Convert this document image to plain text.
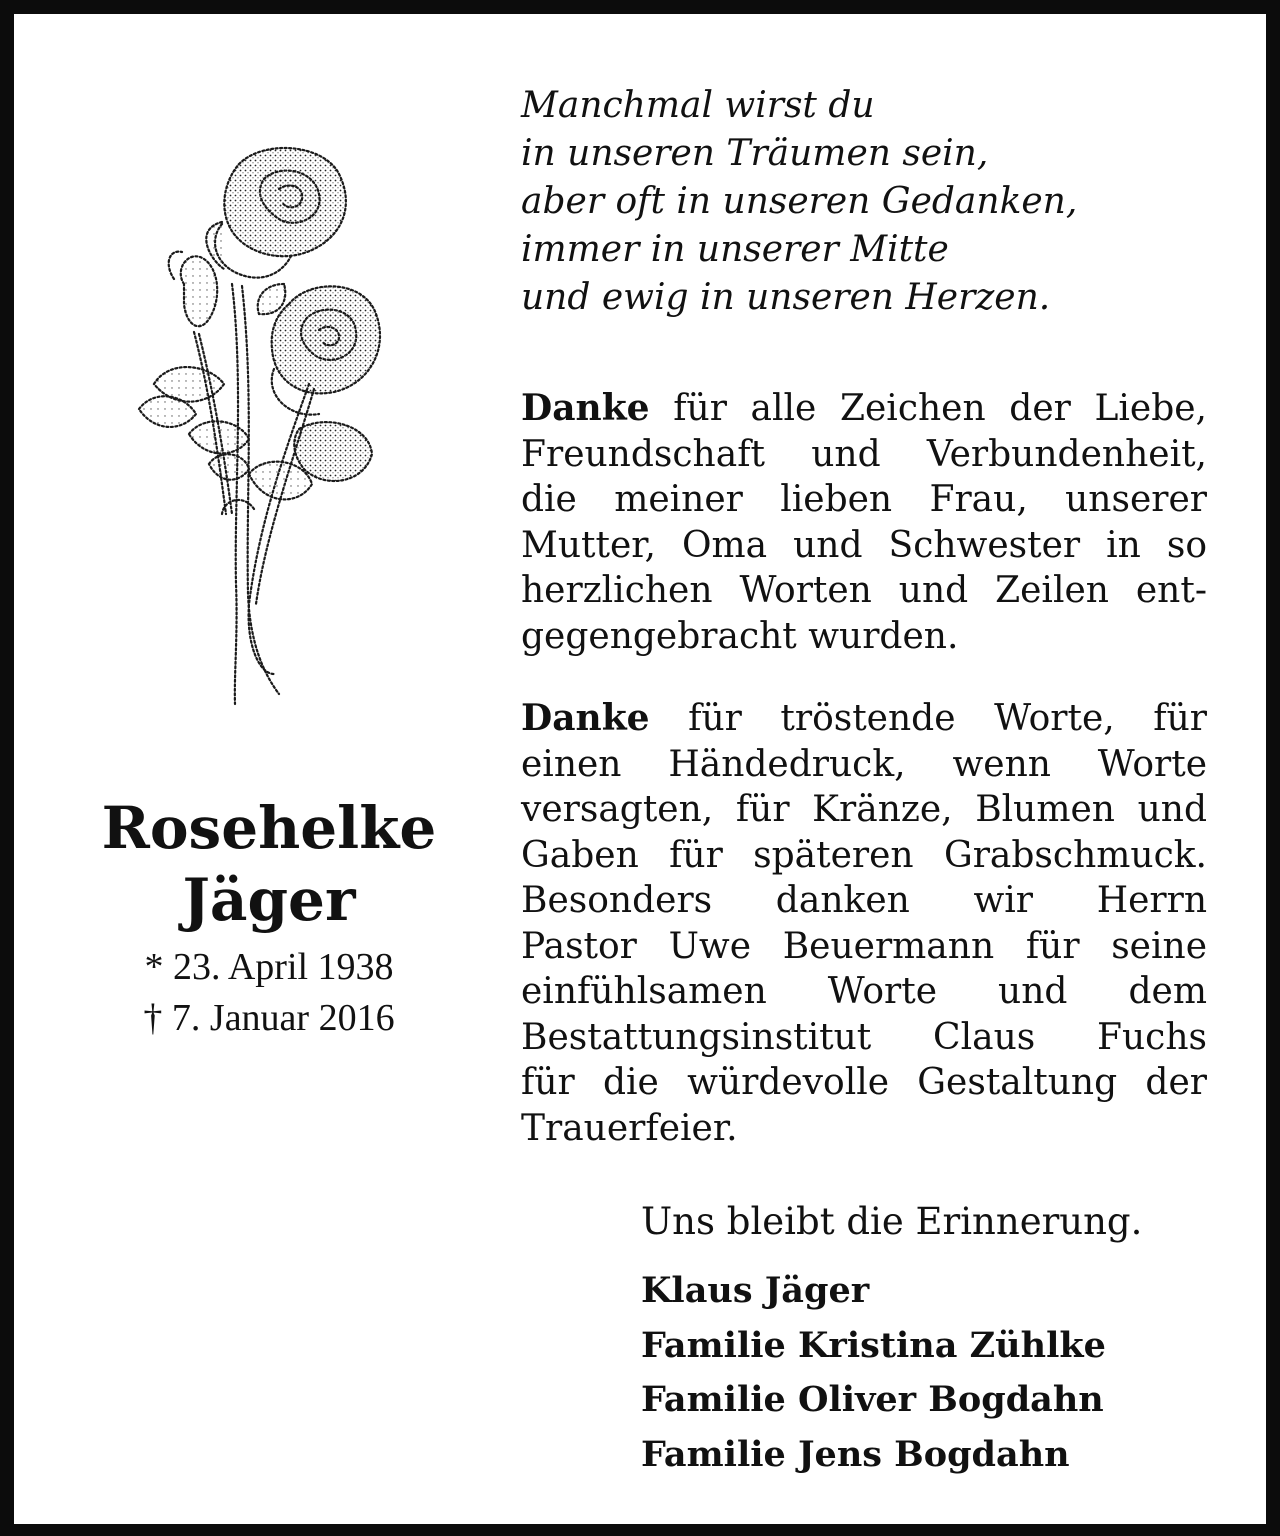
Rosehelke
Jäger
* 23. April 1938
† 7. Januar 2016
Manchmal wirst du
in unseren Träumen sein,
aber oft in unseren Gedanken,
immer in unserer Mitte
und ewig in unseren Herzen.
Danke für alle Zeichen der Liebe,
Freundschaft und Verbundenheit,
die meiner lieben Frau, unserer
Mutter, Oma und Schwester in so
herzlichen Worten und Zeilen ent-
gegengebracht wurden.
Danke für tröstende Worte, für
einen Händedruck, wenn Worte
versagten, für Kränze, Blumen und
Gaben für späteren Grabschmuck.
Besonders danken wir Herrn
Pastor Uwe Beuermann für seine
einfühlsamen Worte und dem
Bestattungsinstitut Claus Fuchs
für die würdevolle Gestaltung der
Trauerfeier.
Uns bleibt die Erinnerung.
Klaus Jäger
Familie Kristina Zühlke
Familie Oliver Bogdahn
Familie Jens Bogdahn
